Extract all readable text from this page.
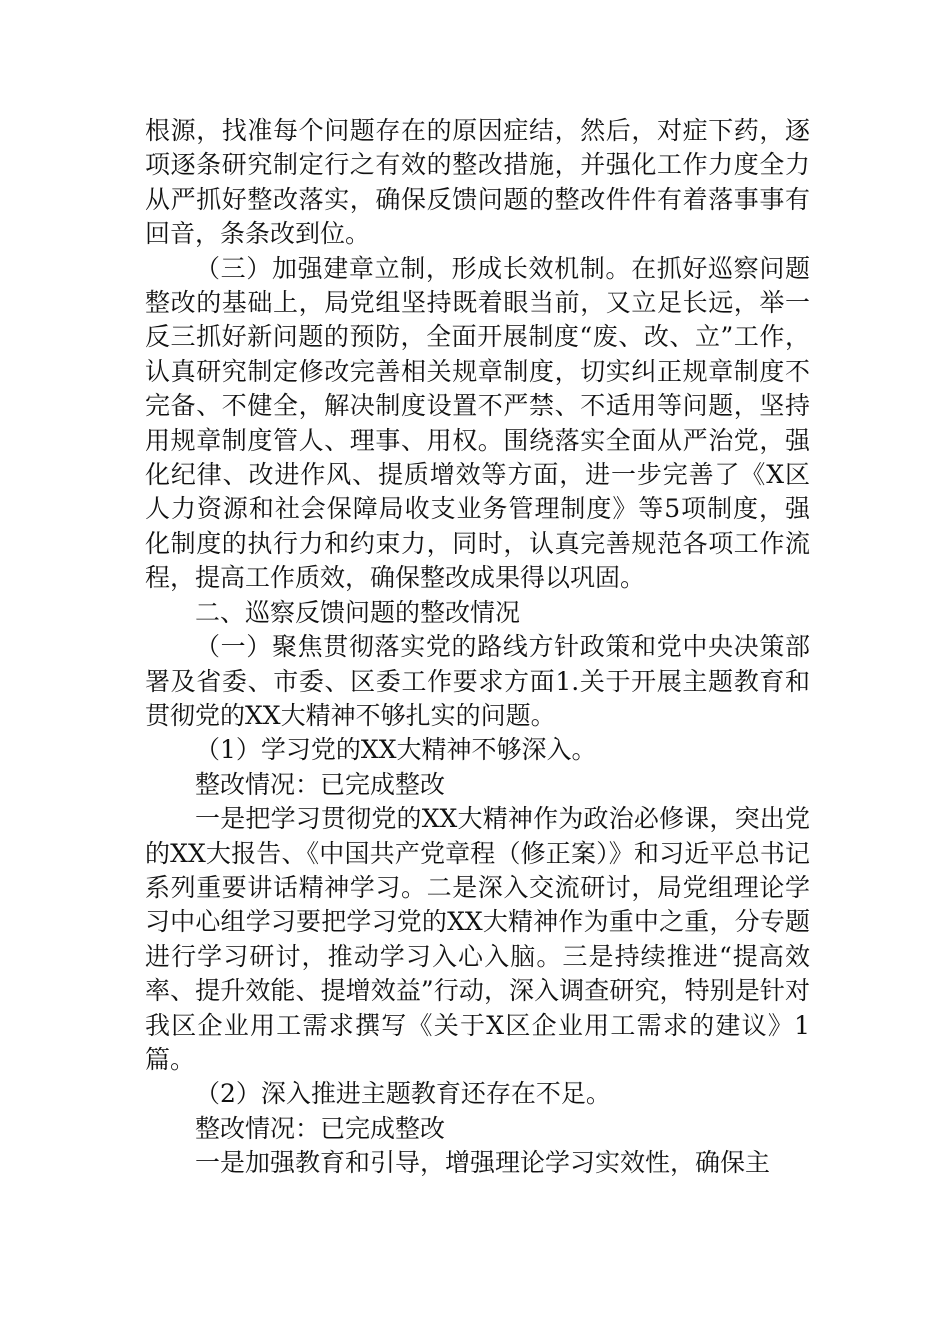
根源，找准每个问题存在的原因症结，然后，对症下药，逐项逐条研究制定行之有效的整改措施，并强化工作力度全力从严抓好整改落实，确保反馈问题的整改件件有着落事事有回音，条条改到位。

（三）加强建章立制，形成长效机制。在抓好巡察问题整改的基础上，局党组坚持既着眼当前，又立足长远，举一反三抓好新问题的预防，全面开展制度“废、改、立”工作，认真研究制定修改完善相关规章制度，切实纠正规章制度不完备、不健全，解决制度设置不严禁、不适用等问题，坚持用规章制度管人、理事、用权。围绕落实全面从严治党，强化纪律、改进作风、提质增效等方面，进一步完善了《X区人力资源和社会保障局收支业务管理制度》等5项制度，强化制度的执行力和约束力，同时，认真完善规范各项工作流程，提高工作质效，确保整改成果得以巩固。

二、巡察反馈问题的整改情况

（一）聚焦贯彻落实党的路线方针政策和党中央决策部署及省委、市委、区委工作要求方面1.关于开展主题教育和贯彻党的XX大精神不够扎实的问题。

（1）学习党的XX大精神不够深入。

整改情况：已完成整改

一是把学习贯彻党的XX大精神作为政治必修课，突出党的XX大报告、《中国共产党章程（修正案）》和习近平总书记系列重要讲话精神学习。二是深入交流研讨，局党组理论学习中心组学习要把学习党的XX大精神作为重中之重，分专题进行学习研讨，推动学习入心入脑。三是持续推进“提高效率、提升效能、提增效益”行动，深入调查研究，特别是针对我区企业用工需求撰写《关于X区企业用工需求的建议》1篇。

（2）深入推进主题教育还存在不足。

整改情况：已完成整改

一是加强教育和引导，增强理论学习实效性，确保主
